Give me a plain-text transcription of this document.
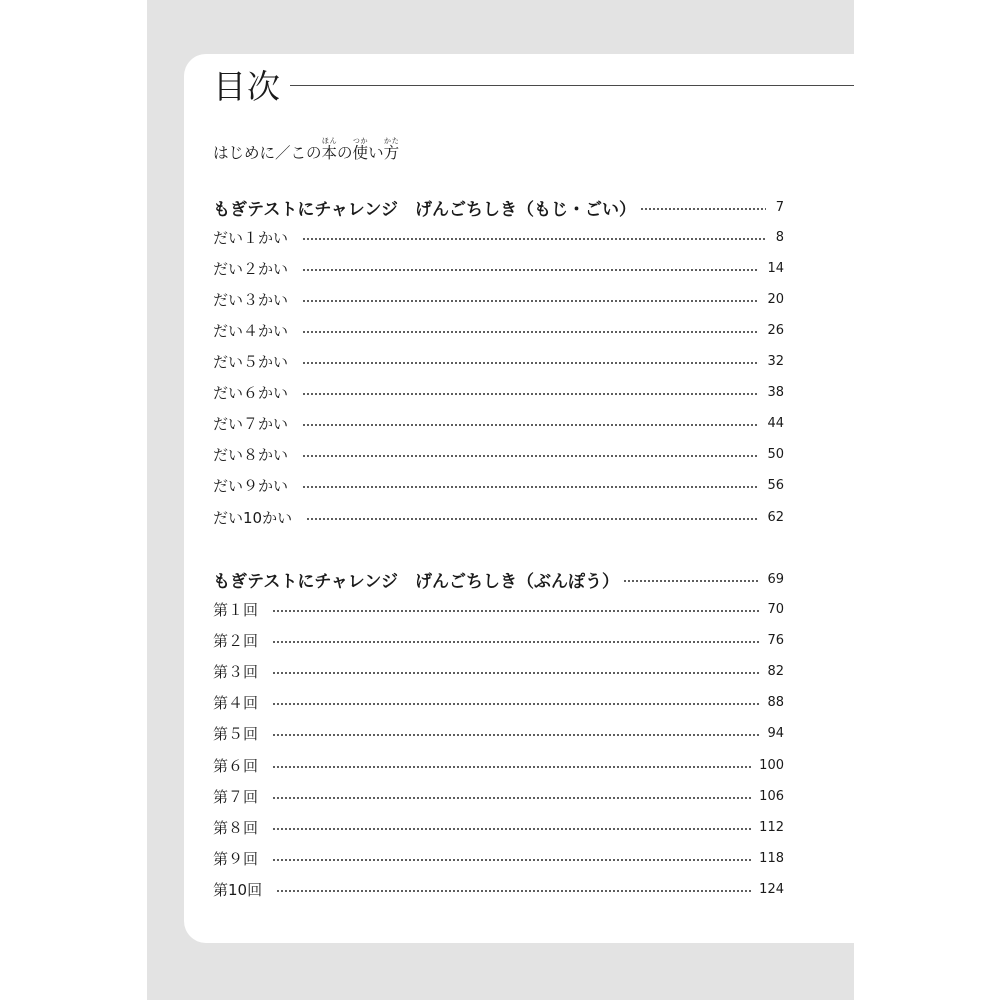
目次
はじめに／この本ほんの使つかい方かた
もぎテストにチャレンジ　げんごちしき（もじ・ごい）	7
だい１かい	8
だい２かい	14
だい３かい	20
だい４かい	26
だい５かい	32
だい６かい	38
だい７かい	44
だい８かい	50
だい９かい	56
だい10かい	62
もぎテストにチャレンジ　げんごちしき（ぶんぽう）	69
第１回	70
第２回	76
第３回	82
第４回	88
第５回	94
第６回	100
第７回	106
第８回	112
第９回	118
第10回	124
